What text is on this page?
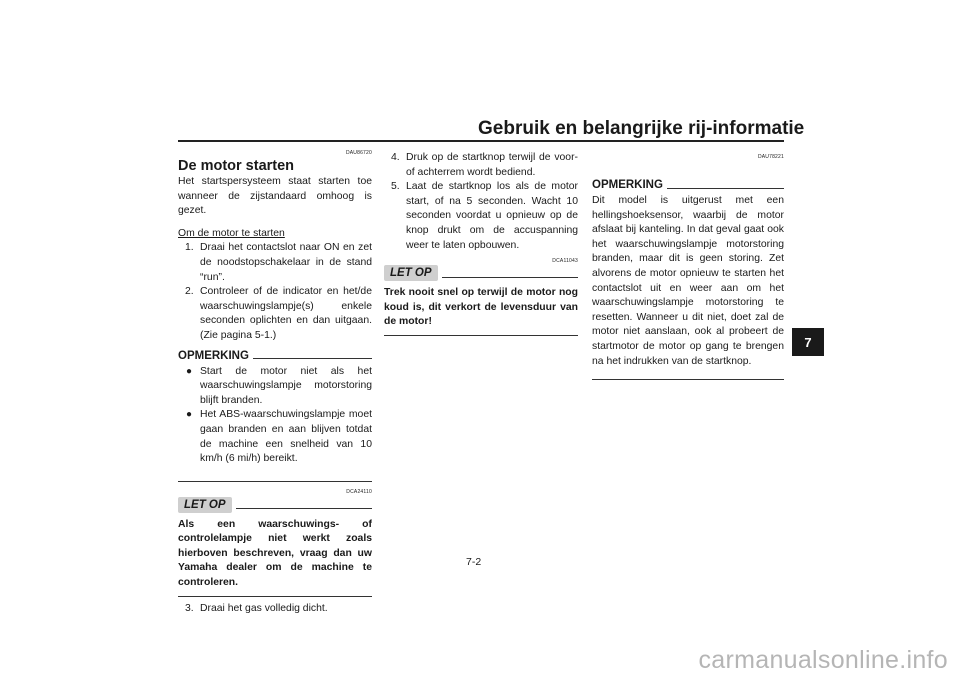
Gebruik en belangrijke rij-informatie
7
DAU86720
De motor starten
Het startspersysteem staat starten toe wanneer de zijstandaard omhoog is gezet.
Om de motor te starten
1. Draai het contactslot naar ON en zet de noodstopschakelaar in de stand “run”.
2. Controleer of de indicator en het/de waarschuwingslampje(s) enkele seconden oplichten en dan uitgaan. (Zie pagina 5-1.)
OPMERKING
● Start de motor niet als het waarschuwingslampje motorstoring blijft branden.
● Het ABS-waarschuwingslampje moet gaan branden en aan blijven totdat de machine een snelheid van 10 km/h (6 mi/h) bereikt.
DCA24110
LET OP
Als een waarschuwings- of controlelampje niet werkt zoals hierboven beschreven, vraag dan uw Yamaha dealer om de machine te controleren.
3. Draai het gas volledig dicht.
4. Druk op de startknop terwijl de voor- of achterrem wordt bediend.
5. Laat de startknop los als de motor start, of na 5 seconden. Wacht 10 seconden voordat u opnieuw op de knop drukt om de accuspanning weer te laten opbouwen.
DCA11043
LET OP
Trek nooit snel op terwijl de motor nog koud is, dit verkort de levensduur van de motor!
DAU78221
OPMERKING
Dit model is uitgerust met een hellingshoeksensor, waarbij de motor afslaat bij kanteling. In dat geval gaat ook het waarschuwingslampje motorstoring branden, maar dit is geen storing. Zet alvorens de motor opnieuw te starten het contactslot uit en weer aan om het waarschuwingslampje motorstoring te resetten. Wanneer u dit niet, doet zal de motor niet aanslaan, ook al probeert de startmotor de motor op gang te brengen na het indrukken van de startknop.
7-2
carmanualsonline.info
